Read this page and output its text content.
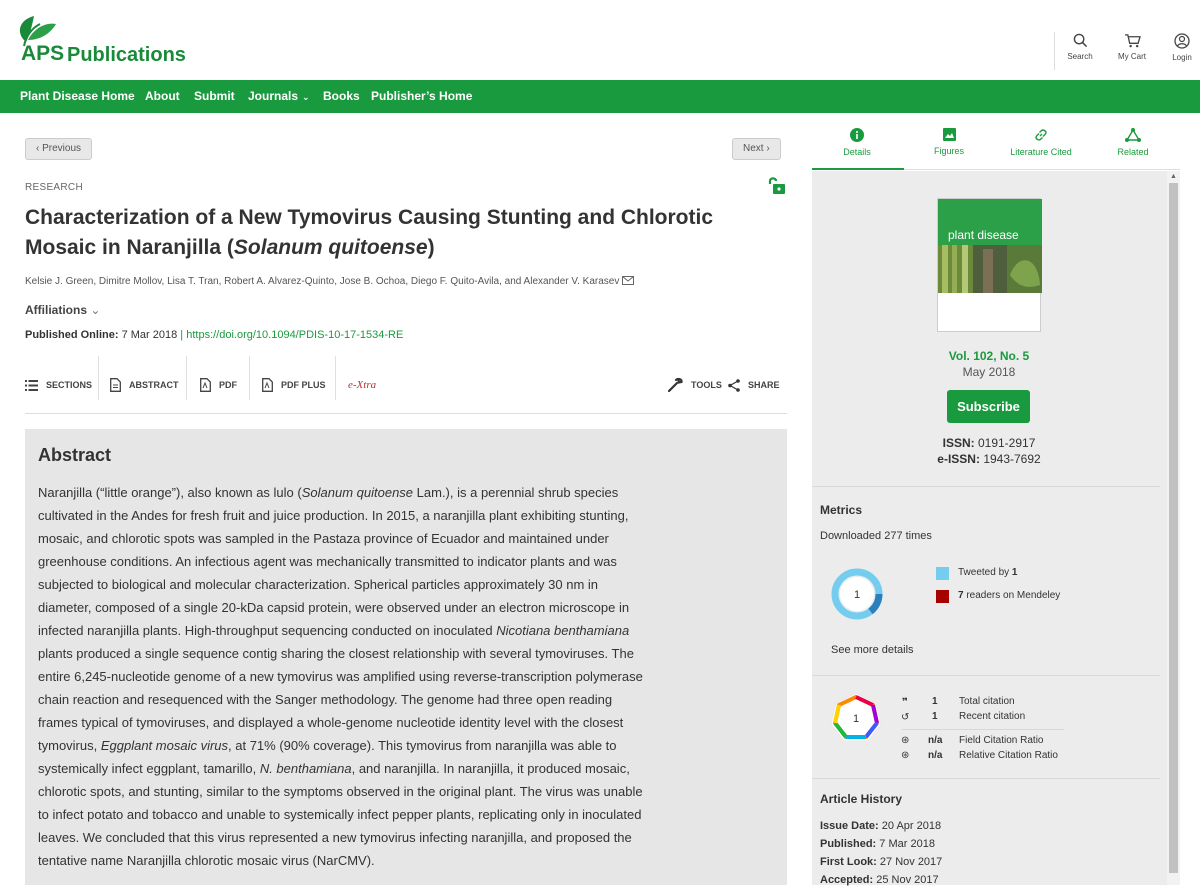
APS Publications	Search	My Cart	Login
Plant Disease Home About Submit Journals ⌄ Books Publisher’s Home
‹ Previous	Next ›
RESEARCH
Characterization of a New Tymovirus Causing Stunting and Chlorotic Mosaic in Naranjilla (Solanum quitoense)
Kelsie J. Green, Dimitre Mollov, Lisa T. Tran, Robert A. Alvarez-Quinto, Jose B. Ochoa, Diego F. Quito-Avila, and Alexander V. Karasev
Affiliations ⌄
Published Online: 7 Mar 2018 | https://doi.org/10.1094/PDIS-10-17-1534-RE
SECTIONS	ABSTRACT	PDF	PDF PLUS e-Xtra	TOOLS	SHARE
Abstract

Naranjilla (“little orange”), also known as lulo (Solanum quitoense Lam.), is a perennial shrub species cultivated in the Andes for fresh fruit and juice production. In 2015, a naranjilla plant exhibiting stunting, mosaic, and chlorotic spots was sampled in the Pastaza province of Ecuador and maintained under greenhouse conditions. An infectious agent was mechanically transmitted to indicator plants and was subjected to biological and molecular characterization. Spherical particles approximately 30 nm in diameter, composed of a single 20-kDa capsid protein, were observed under an electron microscope in infected naranjilla plants. High-throughput sequencing conducted on inoculated Nicotiana benthamiana plants produced a single sequence contig sharing the closest relationship with several tymoviruses. The entire 6,245-nucleotide genome of a new tymovirus was amplified using reverse-transcription polymerase chain reaction and resequenced with the Sanger methodology. The genome had three open reading frames typical of tymoviruses, and displayed a whole-genome nucleotide identity level with the closest tymovirus, Eggplant mosaic virus, at 71% (90% coverage). This tymovirus from naranjilla was able to systemically infect eggplant, tamarillo, N. benthamiana, and naranjilla. In naranjilla, it produced mosaic, chlorotic spots, and stunting, similar to the symptoms observed in the original plant. The virus was unable to infect potato and tobacco and unable to systemically infect pepper plants, replicating only in inoculated leaves. We concluded that this virus represented a new tymovirus infecting naranjilla, and proposed the tentative name Naranjilla chlorotic mosaic virus (NarCMV).

Details	Figures	Literature Cited	Related
▲
plant disease
Vol. 102, No. 5
May 2018
Subscribe
ISSN: 0191-2917
e-ISSN: 1943-7692
Metrics
Downloaded 277 times
1
Tweeted by 1
7 readers on Mendeley
See more details
1
❞ 1 Total citation
↺ 1 Recent citation
⊛ n/a Field Citation Ratio
⊛ n/a Relative Citation Ratio
Article History
Issue Date: 20 Apr 2018
Published: 7 Mar 2018
First Look: 27 Nov 2017
Accepted: 25 Nov 2017
